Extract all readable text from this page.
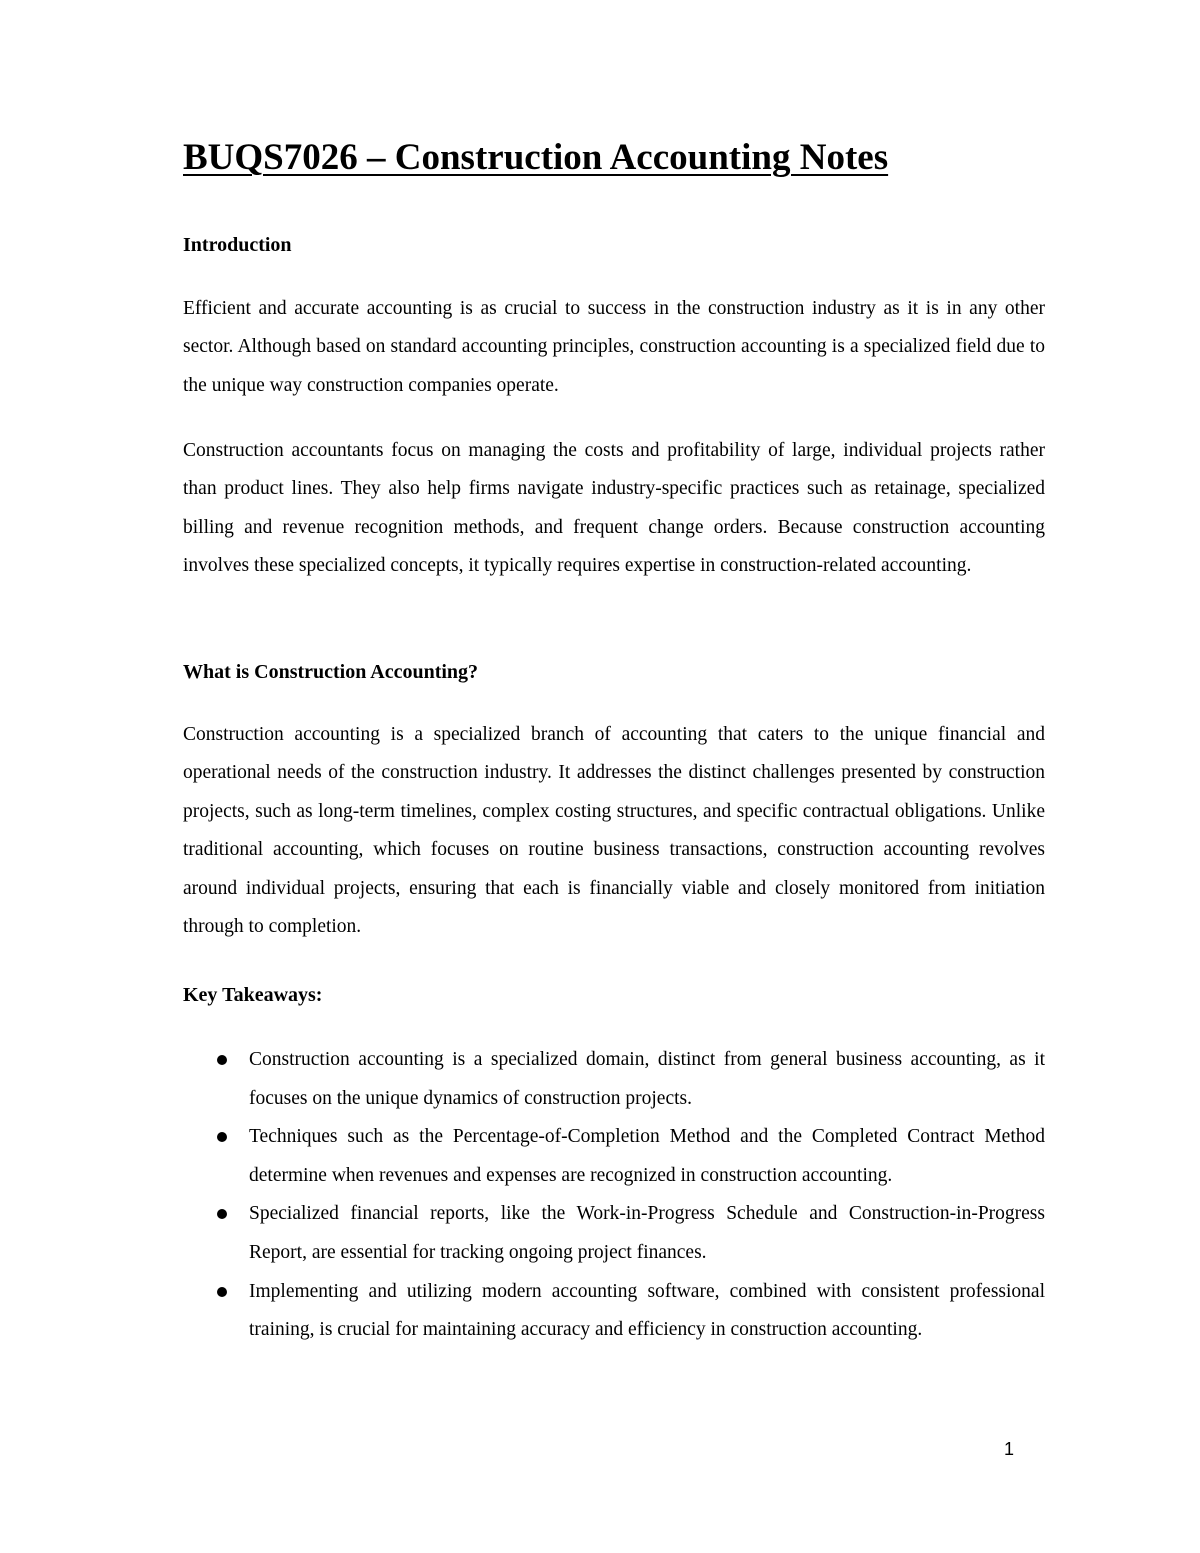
BUQS7026 – Construction Accounting Notes
Introduction

Efficient and accurate accounting is as crucial to success in the construction industry as it is in any other sector. Although based on standard accounting principles, construction accounting is a specialized field due to the unique way construction companies operate.

Construction accountants focus on managing the costs and profitability of large, individual projects rather than product lines. They also help firms navigate industry-specific practices such as retainage, specialized billing and revenue recognition methods, and frequent change orders. Because construction accounting involves these specialized concepts, it typically requires expertise in construction-related accounting.

What is Construction Accounting?

Construction accounting is a specialized branch of accounting that caters to the unique financial and operational needs of the construction industry. It addresses the distinct challenges presented by construction projects, such as long-term timelines, complex costing structures, and specific contractual obligations. Unlike traditional accounting, which focuses on routine business transactions, construction accounting revolves around individual projects, ensuring that each is financially viable and closely monitored from initiation through to completion.

Key Takeaways:
Construction accounting is a specialized domain, distinct from general business accounting, as it focuses on the unique dynamics of construction projects.
Techniques such as the Percentage-of-Completion Method and the Completed Contract Method determine when revenues and expenses are recognized in construction accounting.
Specialized financial reports, like the Work-in-Progress Schedule and Construction-in-Progress Report, are essential for tracking ongoing project finances.
Implementing and utilizing modern accounting software, combined with consistent professional training, is crucial for maintaining accuracy and efficiency in construction accounting.
1
